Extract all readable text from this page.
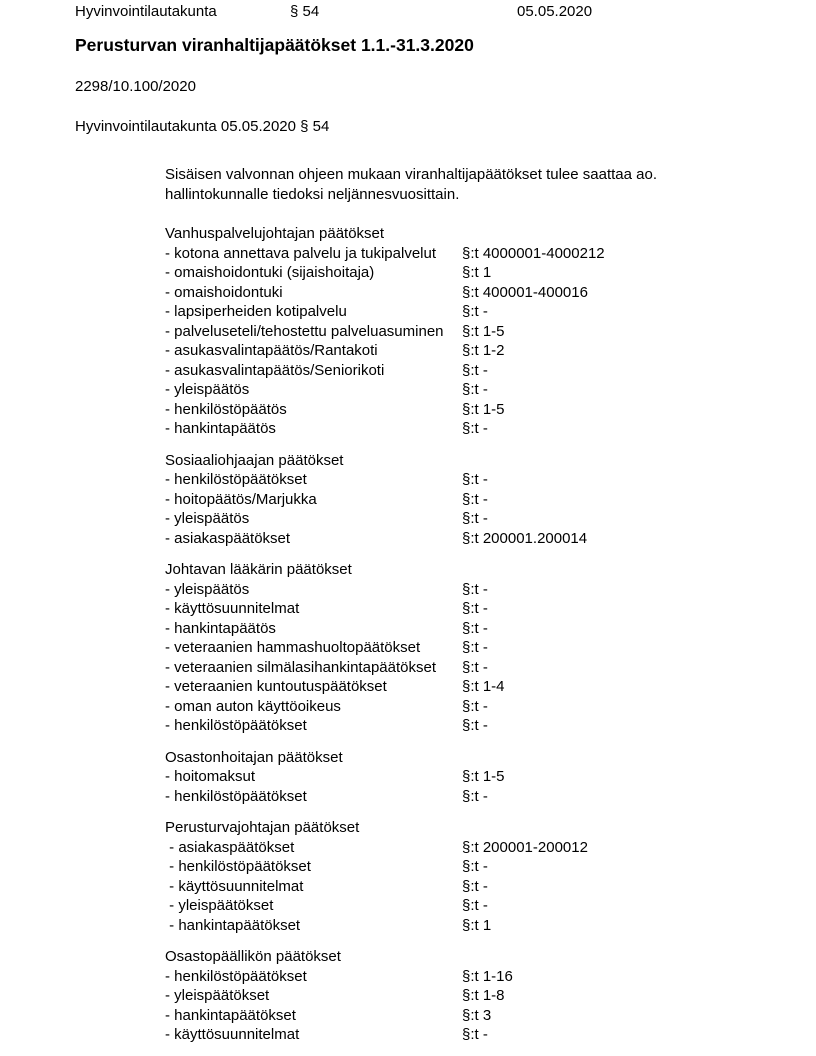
Hyvinvointilautakunta	§ 54	05.05.2020
Perusturvan viranhaltijapäätökset 1.1.-31.3.2020
2298/10.100/2020
Hyvinvointilautakunta 05.05.2020 § 54

Sisäisen valvonnan ohjeen mukaan viranhaltijapäätökset tulee saattaa ao. hallintokunnalle tiedoksi neljännesvuosittain.

Vanhuspalvelujohtajan päätökset
- kotona annettava palvelu ja tukipalvelut	§:t 4000001-4000212
- omaishoidontuki (sijaishoitaja)	§:t 1
- omaishoidontuki	§:t 400001-400016
- lapsiperheiden kotipalvelu	§:t -
- palveluseteli/tehostettu palveluasuminen	§:t 1-5
- asukasvalintapäätös/Rantakoti	§:t 1-2
- asukasvalintapäätös/Seniorikoti	§:t -
- yleispäätös	§:t -
- henkilöstöpäätös	§:t 1-5
- hankintapäätös	§:t -
Sosiaaliohjaajan päätökset
- henkilöstöpäätökset	§:t -
- hoitopäätös/Marjukka	§:t -
- yleispäätös	§:t -
- asiakaspäätökset	§:t 200001.200014
Johtavan lääkärin päätökset
- yleispäätös	§:t -
- käyttösuunnitelmat	§:t -
- hankintapäätös	§:t -
- veteraanien hammashuoltopäätökset	§:t -
- veteraanien silmälasihankintapäätökset	§:t -
- veteraanien kuntoutuspäätökset	§:t 1-4
- oman auton käyttöoikeus	§:t -
- henkilöstöpäätökset	§:t -
Osastonhoitajan päätökset
- hoitomaksut	§:t 1-5
- henkilöstöpäätökset	§:t -
Perusturvajohtajan päätökset
- asiakaspäätökset	§:t 200001-200012
- henkilöstöpäätökset	§:t -
- käyttösuunnitelmat	§:t -
- yleispäätökset	§:t -
- hankintapäätökset	§:t 1
Osastopäällikön päätökset
- henkilöstöpäätökset	§:t 1-16
- yleispäätökset	§:t 1-8
- hankintapäätökset	§:t 3
- käyttösuunnitelmat	§:t -
